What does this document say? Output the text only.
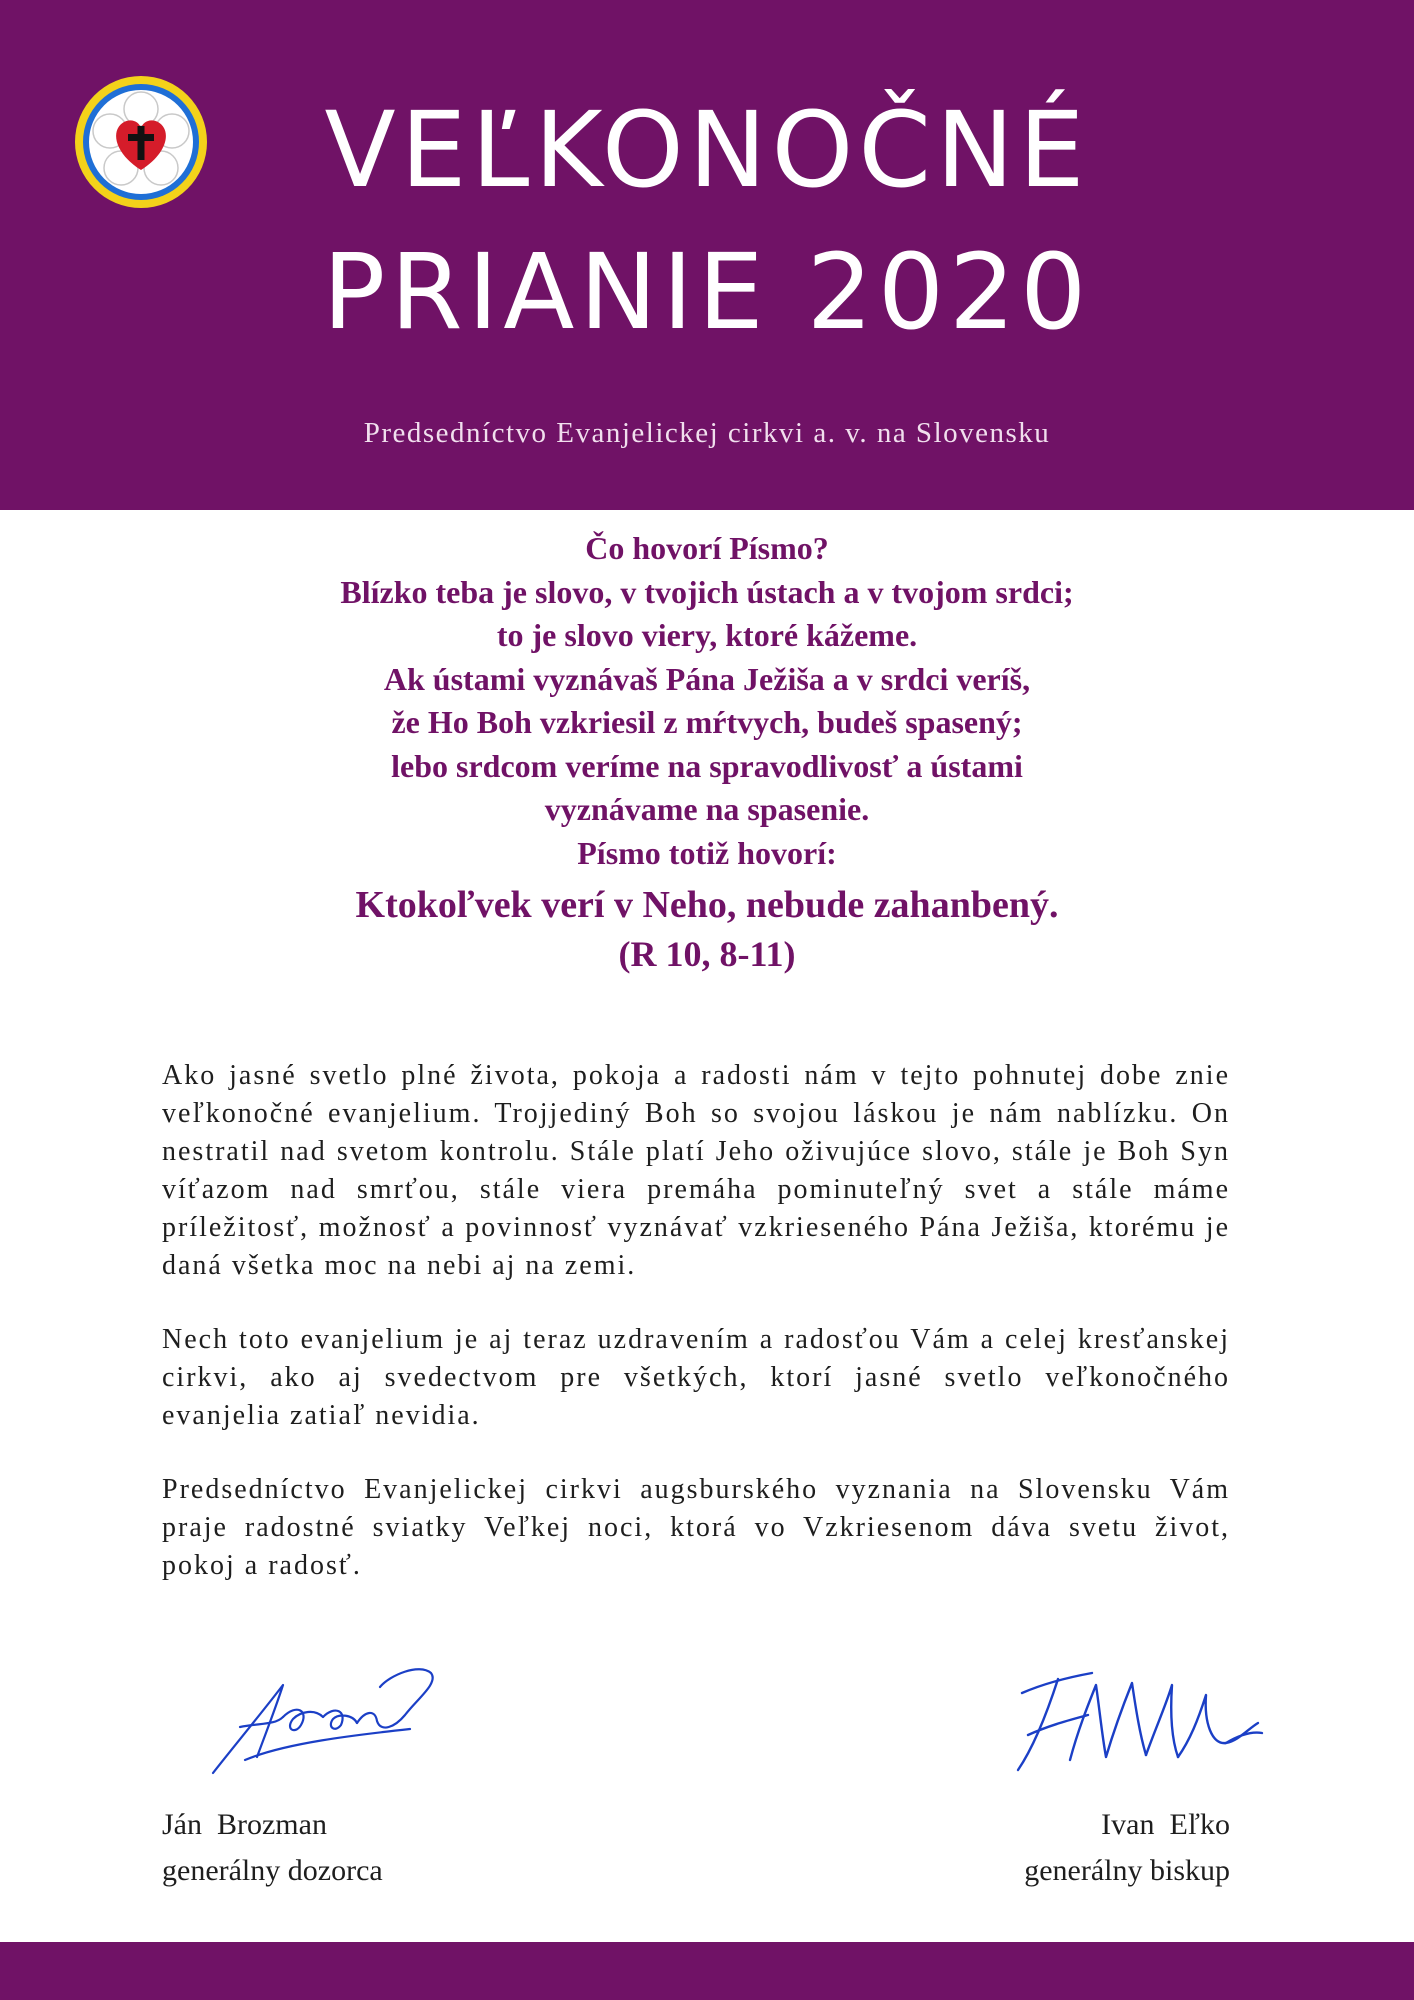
VEĽKONOČNÉ
PRIANIE 2020
Predsedníctvo Evanjelickej cirkvi a. v. na Slovensku
Čo hovorí Písmo?
Blízko teba je slovo, v tvojich ústach a v tvojom srdci;
to je slovo viery, ktoré kážeme.
Ak ústami vyznávaš Pána Ježiša a v srdci veríš,
že Ho Boh vzkriesil z mŕtvych, budeš spasený;
lebo srdcom veríme na spravodlivosť a ústami
vyznávame na spasenie.
Písmo totiž hovorí:
Ktokoľvek verí v Neho, nebude zahanbený.
(R 10, 8-11)

Ako jasné svetlo plné života, pokoja a radosti nám v tejto pohnutej dobe znie veľkonočné evanjelium. Trojjediný Boh so svojou láskou je nám nablízku. On nestratil nad svetom kontrolu. Stále platí Jeho oživujúce slovo, stále je Boh Syn víťazom nad smrťou, stále viera premáha pominuteľný svet a stále máme príležitosť, možnosť a povinnosť vyznávať vzkrieseného Pána Ježiša, ktorému je daná všetka moc na nebi aj na zemi.

Nech toto evanjelium je aj teraz uzdravením a radosťou Vám a celej kresťanskej cirkvi, ako aj svedectvom pre všetkých, ktorí jasné svetlo veľkonočného evanjelia zatiaľ nevidia.

Predsedníctvo Evanjelickej cirkvi augsburského vyznania na Slovensku Vám praje radostné sviatky Veľkej noci, ktorá vo Vzkriesenom dáva svetu život, pokoj a radosť.

Ján  Brozman
generálny dozorca
Ivan  Eľko
generálny biskup
